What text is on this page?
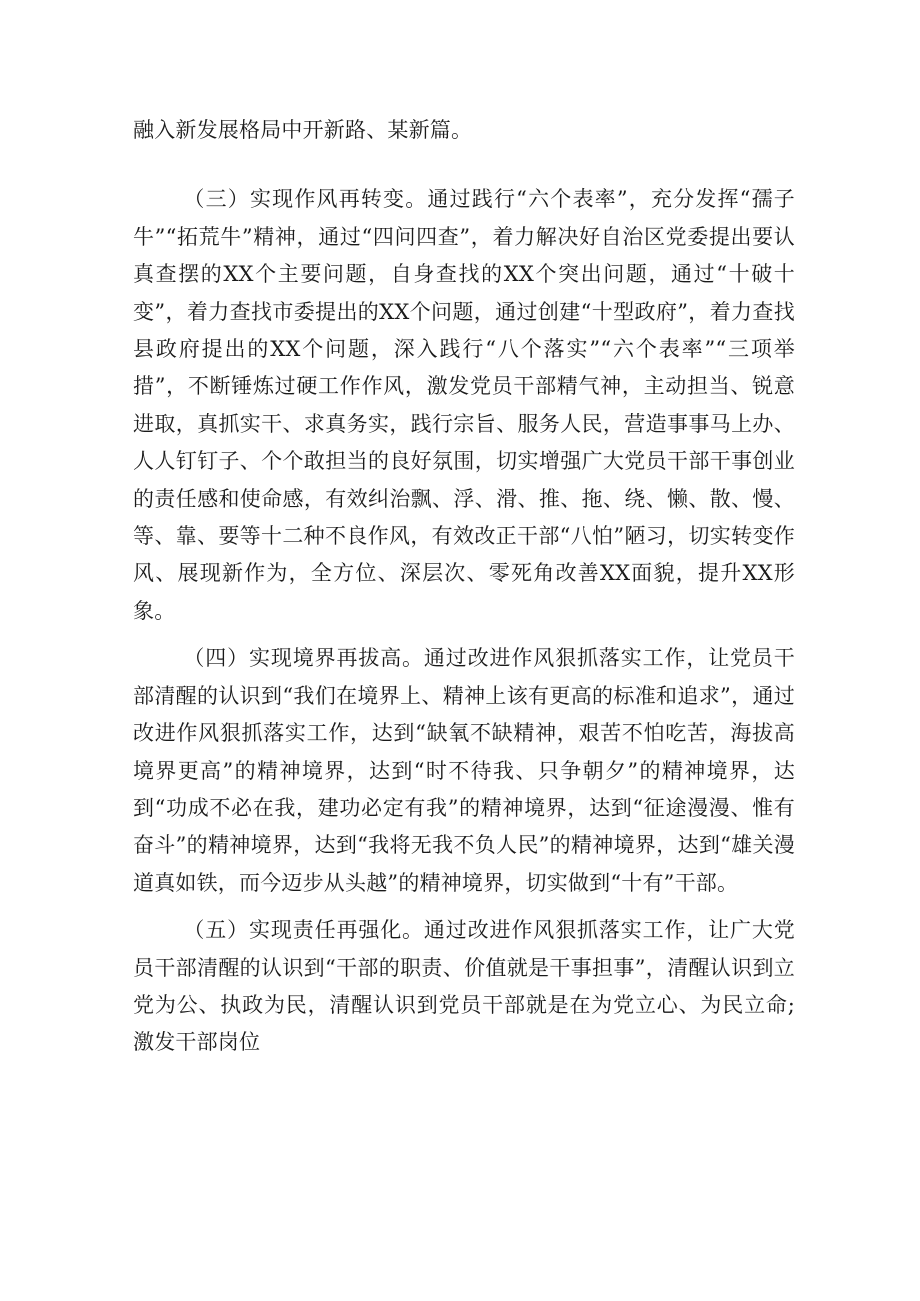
融入新发展格局中开新路、某新篇。

（三）实现作风再转变。通过践行“六个表率”，充分发挥“孺子牛”“拓荒牛”精神，通过“四问四查”，着力解决好自治区党委提出要认真查摆的XX个主要问题，自身查找的XX个突出问题，通过“十破十变”，着力查找市委提出的XX个问题，通过创建“十型政府”，着力查找县政府提出的XX个问题，深入践行“八个落实”“六个表率”“三项举措”，不断锤炼过硬工作作风，激发党员干部精气神，主动担当、锐意进取，真抓实干、求真务实，践行宗旨、服务人民，营造事事马上办、人人钉钉子、个个敢担当的良好氛围，切实增强广大党员干部干事创业的责任感和使命感，有效纠治飘、浮、滑、推、拖、绕、懒、散、慢、等、靠、要等十二种不良作风，有效改正干部“八怕”陋习，切实转变作风、展现新作为，全方位、深层次、零死角改善XX面貌，提升XX形象。

（四）实现境界再拔高。通过改进作风狠抓落实工作，让党员干部清醒的认识到“我们在境界上、精神上该有更高的标准和追求”，通过改进作风狠抓落实工作，达到“缺氧不缺精神，艰苦不怕吃苦，海拔高境界更高”的精神境界，达到“时不待我、只争朝夕”的精神境界，达到“功成不必在我，建功必定有我”的精神境界，达到“征途漫漫、惟有奋斗”的精神境界，达到“我将无我不负人民”的精神境界，达到“雄关漫道真如铁，而今迈步从头越”的精神境界，切实做到“十有”干部。

（五）实现责任再强化。通过改进作风狠抓落实工作，让广大党员干部清醒的认识到“干部的职责、价值就是干事担事”，清醒认识到立党为公、执政为民，清醒认识到党员干部就是在为党立心、为民立命;激发干部岗位
